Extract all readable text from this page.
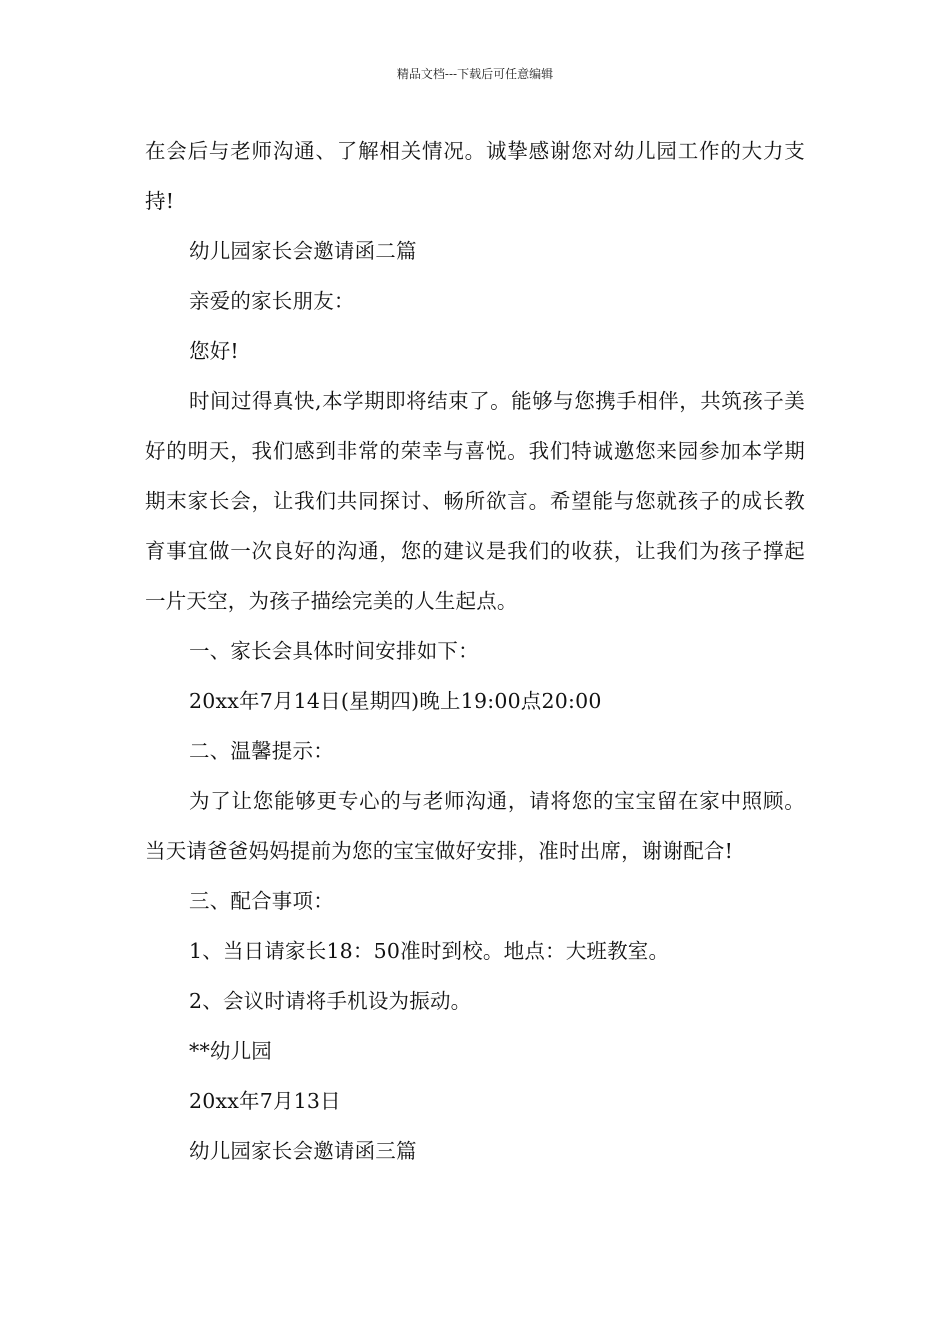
精品文档---下载后可任意编辑

在会后与老师沟通、了解相关情况。诚挚感谢您对幼儿园工作的大力支持!

幼儿园家长会邀请函二篇

亲爱的家长朋友：

您好!

时间过得真快,本学期即将结束了。能够与您携手相伴，共筑孩子美好的明天，我们感到非常的荣幸与喜悦。我们特诚邀您来园参加本学期期末家长会，让我们共同探讨、畅所欲言。希望能与您就孩子的成长教育事宜做一次良好的沟通，您的建议是我们的收获，让我们为孩子撑起一片天空，为孩子描绘完美的人生起点。

一、家长会具体时间安排如下：

20xx年7月14日(星期四)晚上19:00点20:00

二、温馨提示：

为了让您能够更专心的与老师沟通，请将您的宝宝留在家中照顾。当天请爸爸妈妈提前为您的宝宝做好安排，准时出席，谢谢配合!

三、配合事项：

1、当日请家长18：50准时到校。地点：大班教室。

2、会议时请将手机设为振动。

**幼儿园

20xx年7月13日

幼儿园家长会邀请函三篇
